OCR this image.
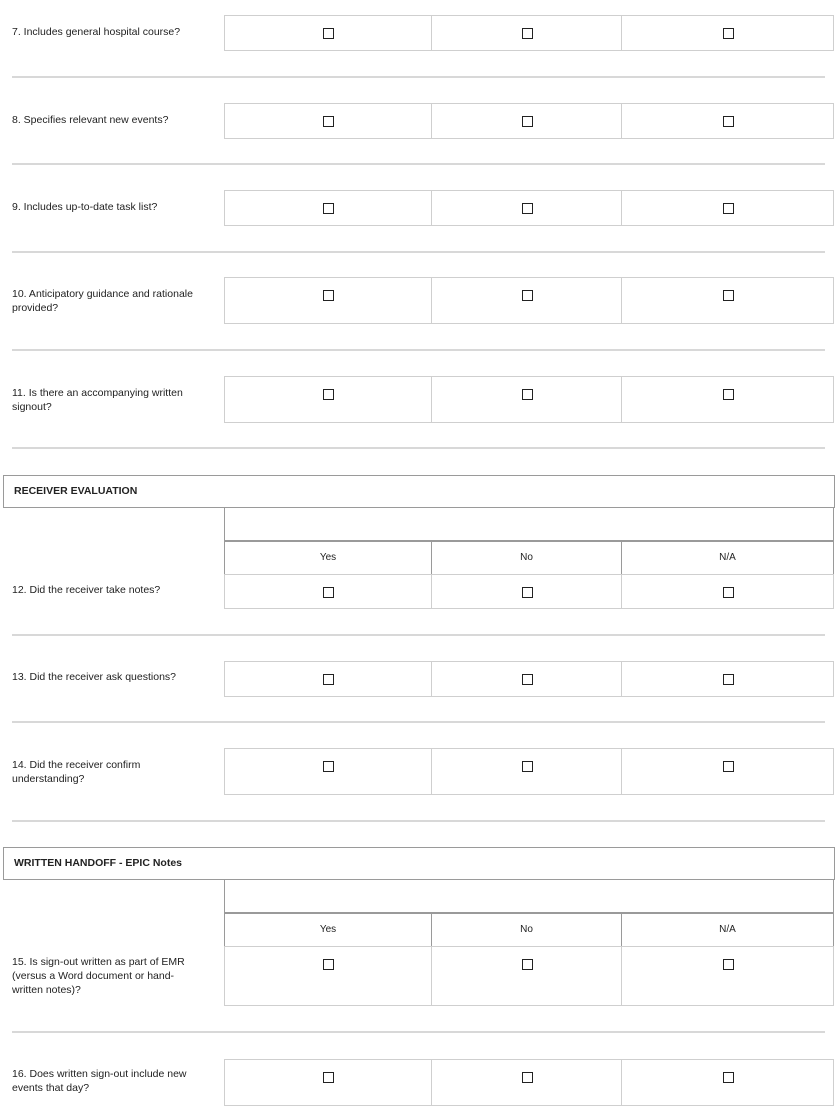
7. Includes general hospital course?
8. Specifies relevant new events?
9. Includes up-to-date task list?
10. Anticipatory guidance and rationale provided?
11. Is there an accompanying written signout?
RECEIVER EVALUATION
Yes	No	N/A
12. Did the receiver take notes?
13. Did the receiver ask questions?
14. Did the receiver confirm understanding?
WRITTEN HANDOFF - EPIC Notes
Yes	No	N/A
15. Is sign-out written as part of EMR (versus a Word document or hand-written notes)?
16. Does written sign-out include new events that day?
